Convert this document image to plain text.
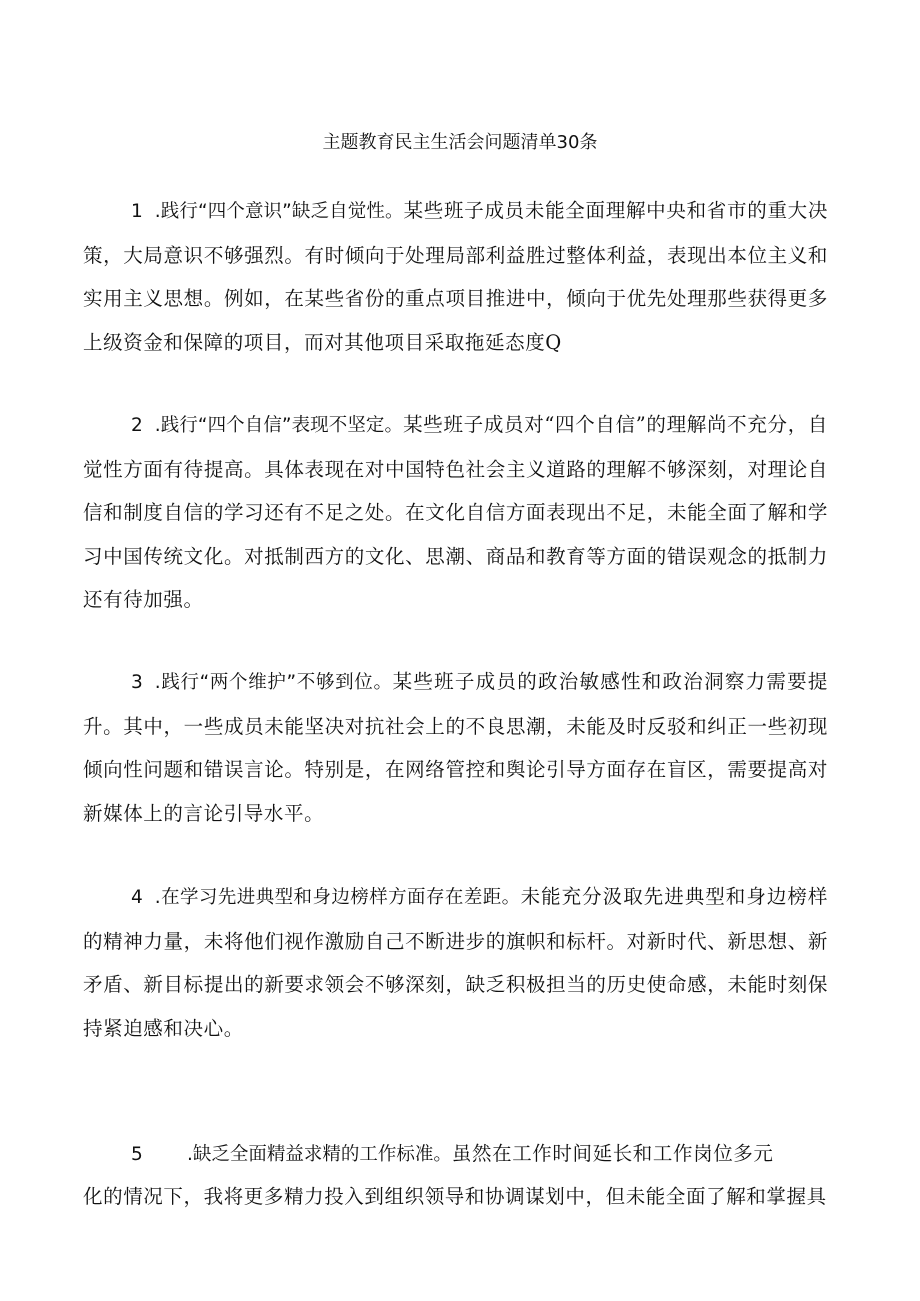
主题教育民主生活会问题清单30条
1 .践行“四个意识”缺乏自觉性。某些班子成员未能全面理解中央和省市的重大决策，大局意识不够强烈。有时倾向于处理局部利益胜过整体利益，表现出本位主义和实用主义思想。例如，在某些省份的重点项目推进中，倾向于优先处理那些获得更多上级资金和保障的项目，而对其他项目采取拖延态度Q
2 .践行“四个自信”表现不坚定。某些班子成员对“四个自信”的理解尚不充分，自觉性方面有待提高。具体表现在对中国特色社会主义道路的理解不够深刻，对理论自信和制度自信的学习还有不足之处。在文化自信方面表现出不足，未能全面了解和学习中国传统文化。对抵制西方的文化、思潮、商品和教育等方面的错误观念的抵制力还有待加强。
3 .践行“两个维护”不够到位。某些班子成员的政治敏感性和政治洞察力需要提升。其中，一些成员未能坚决对抗社会上的不良思潮，未能及时反驳和纠正一些初现倾向性问题和错误言论。特别是，在网络管控和舆论引导方面存在盲区，需要提高对新媒体上的言论引导水平。
4 .在学习先进典型和身边榜样方面存在差距。未能充分汲取先进典型和身边榜样的精神力量，未将他们视作激励自己不断进步的旗帜和标杆。对新时代、新思想、新矛盾、新目标提出的新要求领会不够深刻，缺乏积极担当的历史使命感，未能时刻保持紧迫感和决心。
5 .缺乏全面精益求精的工作标准。虽然在工作时间延长和工作岗位多元
化的情况下，我将更多精力投入到组织领导和协调谋划中，但未能全面了解和掌握具
